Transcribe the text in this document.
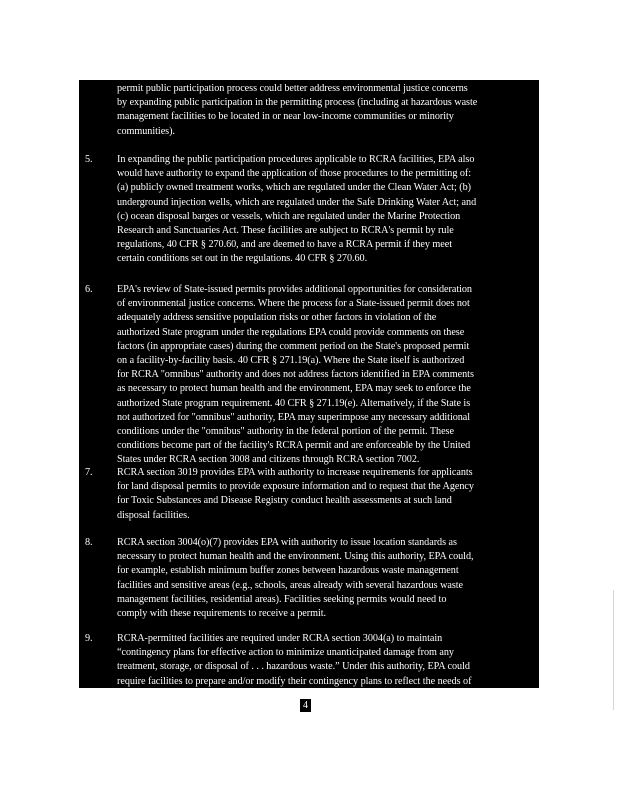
permit public participation process could better address environmental justice concerns
by expanding public participation in the permitting process (including at hazardous waste
management facilities to be located in or near low-income communities or minority
communities).
5. In expanding the public participation procedures applicable to RCRA facilities, EPA also
would have authority to expand the application of those procedures to the permitting of:
(a) publicly owned treatment works, which are regulated under the Clean Water Act; (b)
underground injection wells, which are regulated under the Safe Drinking Water Act; and
(c) ocean disposal barges or vessels, which are regulated under the Marine Protection
Research and Sanctuaries Act. These facilities are subject to RCRA's permit by rule
regulations, 40 CFR § 270.60, and are deemed to have a RCRA permit if they meet
certain conditions set out in the regulations. 40 CFR § 270.60.
6. EPA's review of State-issued permits provides additional opportunities for consideration
of environmental justice concerns. Where the process for a State-issued permit does not
adequately address sensitive population risks or other factors in violation of the
authorized State program under the regulations EPA could provide comments on these
factors (in appropriate cases) during the comment period on the State's proposed permit
on a facility-by-facility basis. 40 CFR § 271.19(a). Where the State itself is authorized
for RCRA "omnibus" authority and does not address factors identified in EPA comments
as necessary to protect human health and the environment, EPA may seek to enforce the
authorized State program requirement. 40 CFR § 271.19(e). Alternatively, if the State is
not authorized for "omnibus" authority, EPA may superimpose any necessary additional
conditions under the "omnibus" authority in the federal portion of the permit. These
conditions become part of the facility's RCRA permit and are enforceable by the United
States under RCRA section 3008 and citizens through RCRA section 7002.
7. RCRA section 3019 provides EPA with authority to increase requirements for applicants
for land disposal permits to provide exposure information and to request that the Agency
for Toxic Substances and Disease Registry conduct health assessments at such land
disposal facilities.
8. RCRA section 3004(o)(7) provides EPA with authority to issue location standards as
necessary to protect human health and the environment. Using this authority, EPA could,
for example, establish minimum buffer zones between hazardous waste management
facilities and sensitive areas (e.g., schools, areas already with several hazardous waste
management facilities, residential areas). Facilities seeking permits would need to
comply with these requirements to receive a permit.
9. RCRA-permitted facilities are required under RCRA section 3004(a) to maintain
“contingency plans for effective action to minimize unanticipated damage from any
treatment, storage, or disposal of . . . hazardous waste.” Under this authority, EPA could
require facilities to prepare and/or modify their contingency plans to reflect the needs of
4
